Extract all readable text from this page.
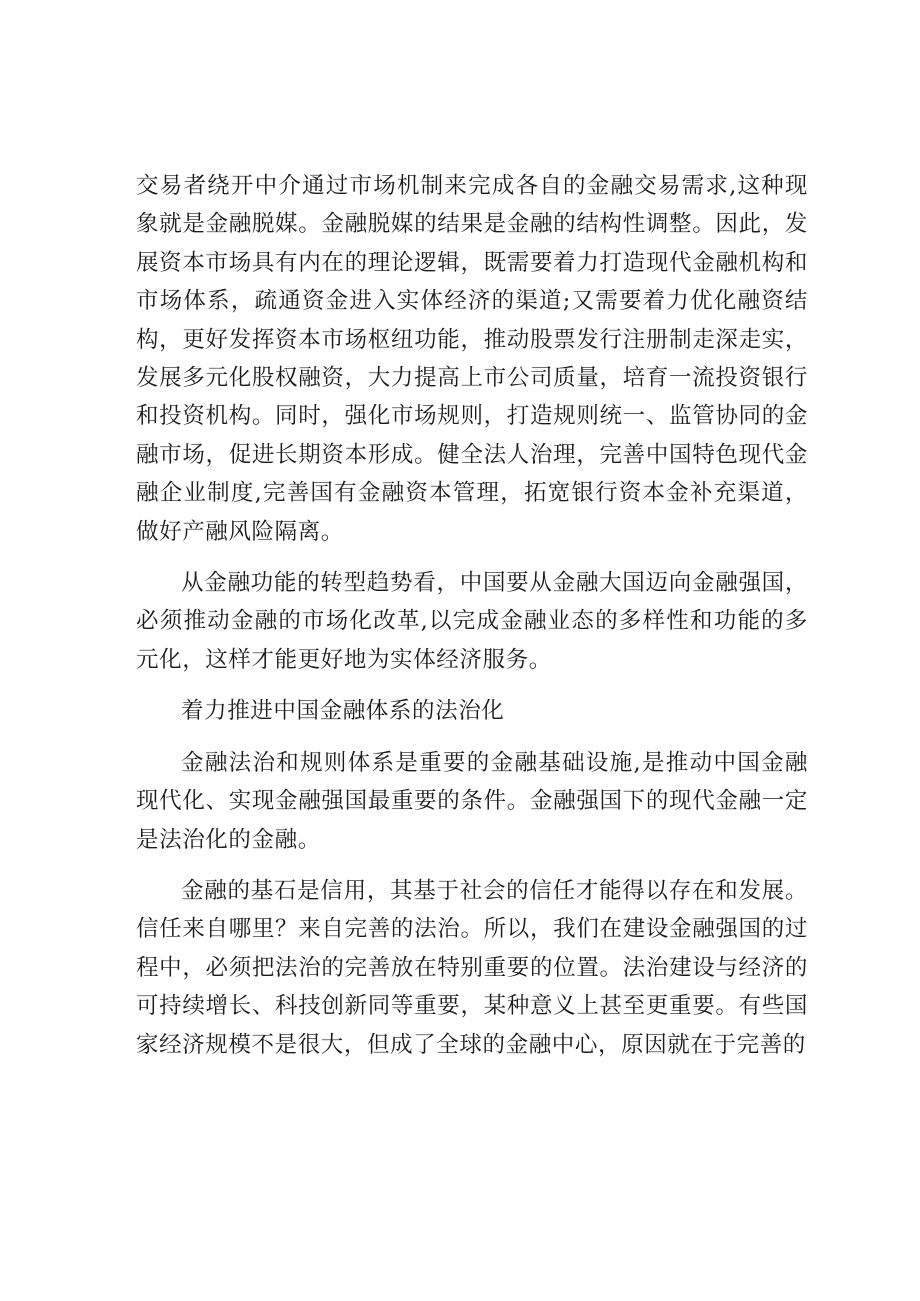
交易者绕开中介通过市场机制来完成各自的金融交易需求,这种现象就是金融脱媒。金融脱媒的结果是金融的结构性调整。因此，发展资本市场具有内在的理论逻辑，既需要着力打造现代金融机构和市场体系，疏通资金进入实体经济的渠道;又需要着力优化融资结构，更好发挥资本市场枢纽功能，推动股票发行注册制走深走实，发展多元化股权融资，大力提高上市公司质量，培育一流投资银行和投资机构。同时，强化市场规则，打造规则统一、监管协同的金融市场，促进长期资本形成。健全法人治理，完善中国特色现代金融企业制度,完善国有金融资本管理，拓宽银行资本金补充渠道，做好产融风险隔离。

从金融功能的转型趋势看，中国要从金融大国迈向金融强国，必须推动金融的市场化改革,以完成金融业态的多样性和功能的多元化，这样才能更好地为实体经济服务。

着力推进中国金融体系的法治化

金融法治和规则体系是重要的金融基础设施,是推动中国金融现代化、实现金融强国最重要的条件。金融强国下的现代金融一定是法治化的金融。

金融的基石是信用，其基于社会的信任才能得以存在和发展。信任来自哪里？来自完善的法治。所以，我们在建设金融强国的过程中，必须把法治的完善放在特别重要的位置。法治建设与经济的可持续增长、科技创新同等重要，某种意义上甚至更重要。有些国家经济规模不是很大，但成了全球的金融中心，原因就在于完善的
